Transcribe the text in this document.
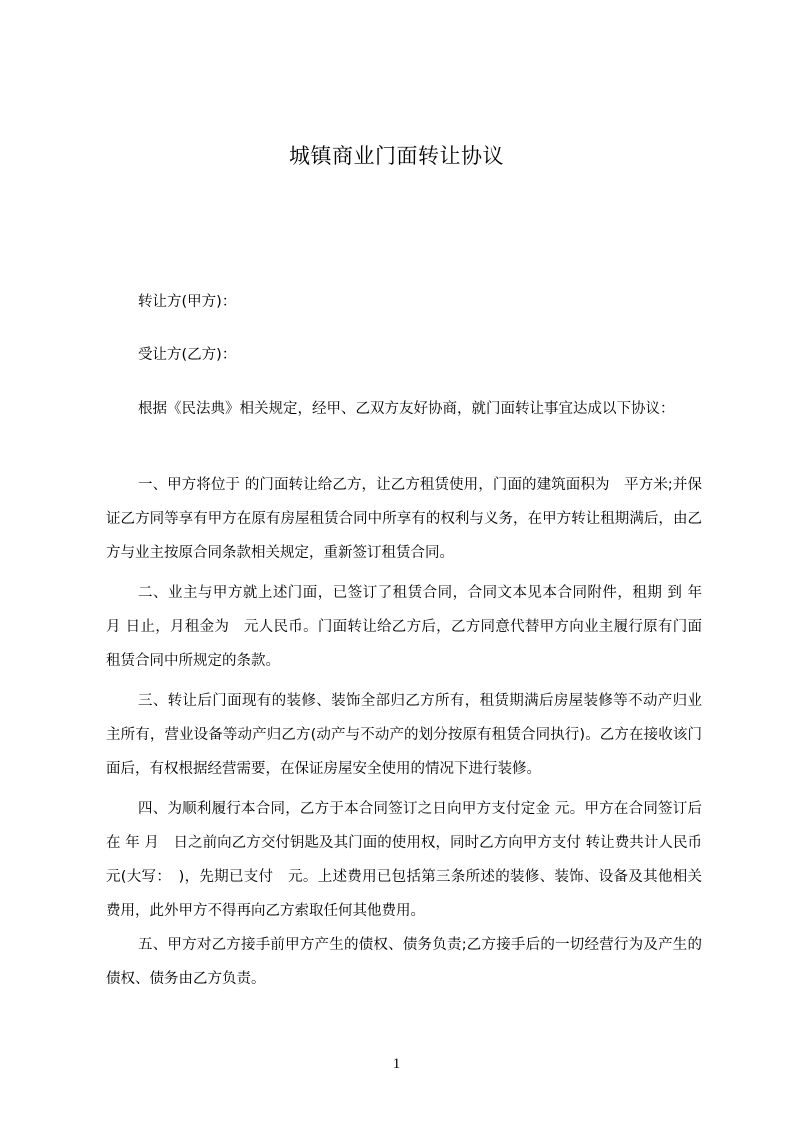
城镇商业门面转让协议

转让方(甲方)：

受让方(乙方)：

根据《民法典》相关规定，经甲、乙双方友好协商，就门面转让事宜达成以下协议：

一、甲方将位于 的门面转让给乙方，让乙方租赁使用，门面的建筑面积为　平方米;并保证乙方同等享有甲方在原有房屋租赁合同中所享有的权利与义务，在甲方转让租期满后，由乙方与业主按原合同条款相关规定，重新签订租赁合同。

二、业主与甲方就上述门面，已签订了租赁合同，合同文本见本合同附件，租期 到 年 月 日止，月租金为　元人民币。门面转让给乙方后，乙方同意代替甲方向业主履行原有门面租赁合同中所规定的条款。

三、转让后门面现有的装修、装饰全部归乙方所有，租赁期满后房屋装修等不动产归业主所有，营业设备等动产归乙方(动产与不动产的划分按原有租赁合同执行)。乙方在接收该门面后，有权根据经营需要，在保证房屋安全使用的情况下进行装修。

四、为顺利履行本合同，乙方于本合同签订之日向甲方支付定金 元。甲方在合同签订后在 年 月　日之前向乙方交付钥匙及其门面的使用权，同时乙方向甲方支付 转让费共计人民币 元(大写：　)，先期已支付　元。上述费用已包括第三条所述的装修、装饰、设备及其他相关费用，此外甲方不得再向乙方索取任何其他费用。

五、甲方对乙方接手前甲方产生的债权、债务负责;乙方接手后的一切经营行为及产生的债权、债务由乙方负责。

1
